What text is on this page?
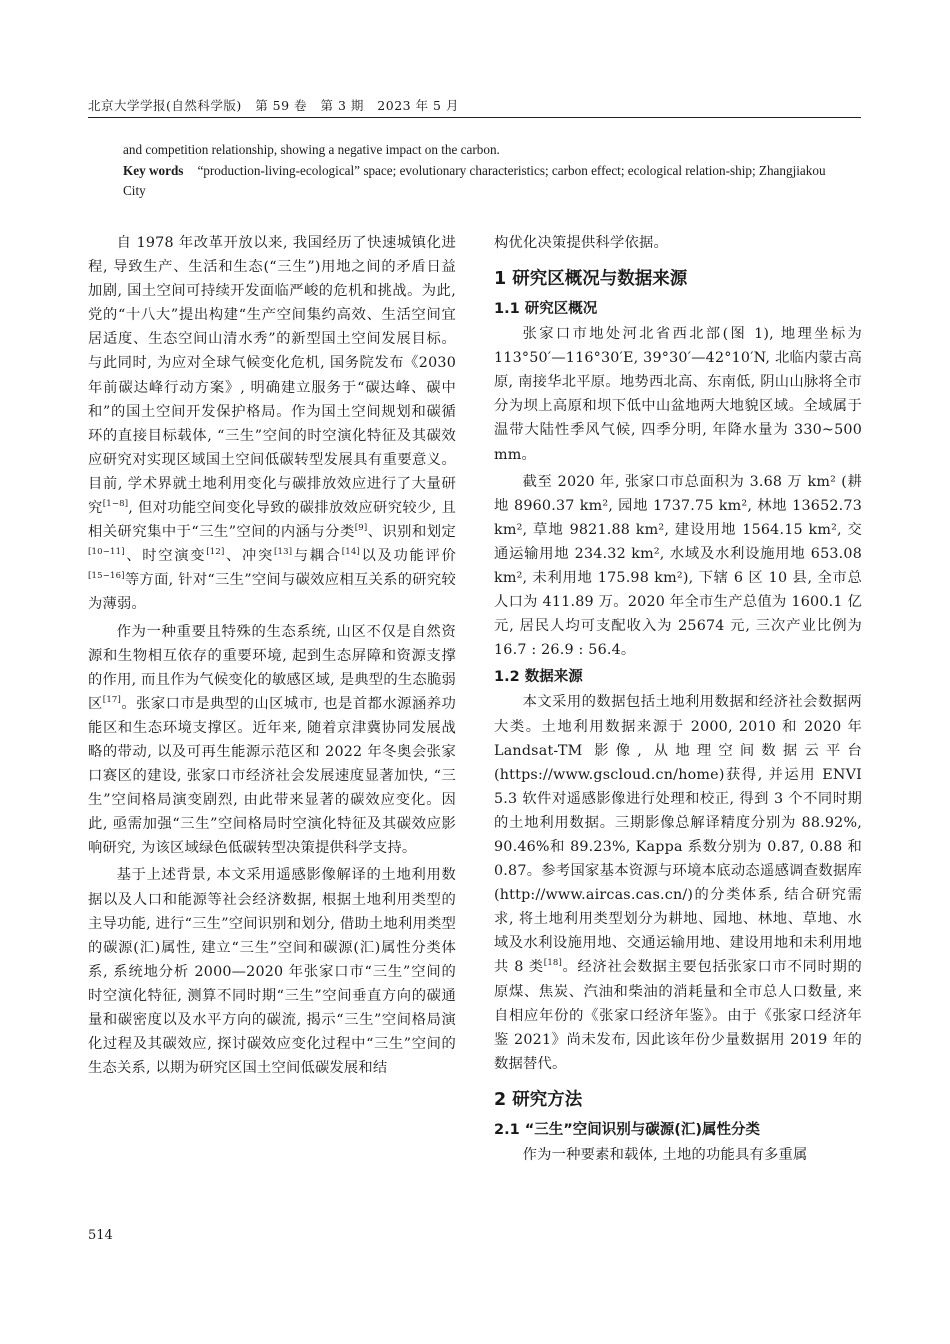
北京大学学报(自然科学版) 第 59 卷 第 3 期 2023 年 5 月

and competition relationship, showing a negative impact on the carbon.

Key words “production-living-ecological” space; evolutionary characteristics; carbon effect; ecological relation-ship; Zhangjiakou City

自 1978 年改革开放以来, 我国经历了快速城镇化进程, 导致生产、生活和生态(“三生”)用地之间的矛盾日益加剧, 国土空间可持续开发面临严峻的危机和挑战。为此, 党的“十八大”提出构建“生产空间集约高效、生活空间宜居适度、生态空间山清水秀”的新型国土空间发展目标。与此同时, 为应对全球气候变化危机, 国务院发布《2030 年前碳达峰行动方案》, 明确建立服务于“碳达峰、碳中和”的国土空间开发保护格局。作为国土空间规划和碳循环的直接目标载体, “三生”空间的时空演化特征及其碳效应研究对实现区域国土空间低碳转型发展具有重要意义。目前, 学术界就土地利用变化与碳排放效应进行了大量研究[1−8], 但对功能空间变化导致的碳排放效应研究较少, 且相关研究集中于“三生”空间的内涵与分类[9]、识别和划定[10−11]、时空演变[12]、冲突[13]与耦合[14]以及功能评价[15−16]等方面, 针对“三生”空间与碳效应相互关系的研究较为薄弱。

作为一种重要且特殊的生态系统, 山区不仅是自然资源和生物相互依存的重要环境, 起到生态屏障和资源支撑的作用, 而且作为气候变化的敏感区域, 是典型的生态脆弱区[17]。张家口市是典型的山区城市, 也是首都水源涵养功能区和生态环境支撑区。近年来, 随着京津冀协同发展战略的带动, 以及可再生能源示范区和 2022 年冬奥会张家口赛区的建设, 张家口市经济社会发展速度显著加快, “三生”空间格局演变剧烈, 由此带来显著的碳效应变化。因此, 亟需加强“三生”空间格局时空演化特征及其碳效应影响研究, 为该区域绿色低碳转型决策提供科学支持。

基于上述背景, 本文采用遥感影像解译的土地利用数据以及人口和能源等社会经济数据, 根据土地利用类型的主导功能, 进行“三生”空间识别和划分, 借助土地利用类型的碳源(汇)属性, 建立“三生”空间和碳源(汇)属性分类体系, 系统地分析 2000—2020 年张家口市“三生”空间的时空演化特征, 测算不同时期“三生”空间垂直方向的碳通量和碳密度以及水平方向的碳流, 揭示“三生”空间格局演化过程及其碳效应, 探讨碳效应变化过程中“三生”空间的生态关系, 以期为研究区国土空间低碳发展和结

构优化决策提供科学依据。

1 研究区概况与数据来源
1.1 研究区概况

张家口市地处河北省西北部(图 1), 地理坐标为 113°50′—116°30′E, 39°30′—42°10′N, 北临内蒙古高原, 南接华北平原。地势西北高、东南低, 阴山山脉将全市分为坝上高原和坝下低中山盆地两大地貌区域。全域属于温带大陆性季风气候, 四季分明, 年降水量为 330~500 mm。

截至 2020 年, 张家口市总面积为 3.68 万 km² (耕地 8960.37 km², 园地 1737.75 km², 林地 13652.73 km², 草地 9821.88 km², 建设用地 1564.15 km², 交通运输用地 234.32 km², 水域及水利设施用地 653.08 km², 未利用地 175.98 km²), 下辖 6 区 10 县, 全市总人口为 411.89 万。2020 年全市生产总值为 1600.1 亿元, 居民人均可支配收入为 25674 元, 三次产业比例为 16.7 : 26.9 : 56.4。

1.2 数据来源

本文采用的数据包括土地利用数据和经济社会数据两大类。土地利用数据来源于 2000, 2010 和 2020 年 Landsat-TM 影像, 从地理空间数据云平台(https://www.gscloud.cn/home)获得, 并运用 ENVI 5.3 软件对遥感影像进行处理和校正, 得到 3 个不同时期的土地利用数据。三期影像总解译精度分别为 88.92%, 90.46%和 89.23%, Kappa 系数分别为 0.87, 0.88 和 0.87。参考国家基本资源与环境本底动态遥感调查数据库(http://www.aircas.cas.cn/)的分类体系, 结合研究需求, 将土地利用类型划分为耕地、园地、林地、草地、水域及水利设施用地、交通运输用地、建设用地和未利用地共 8 类[18]。经济社会数据主要包括张家口市不同时期的原煤、焦炭、汽油和柴油的消耗量和全市总人口数量, 来自相应年份的《张家口经济年鉴》。由于《张家口经济年鉴 2021》尚未发布, 因此该年份少量数据用 2019 年的数据替代。

2 研究方法
2.1 “三生”空间识别与碳源(汇)属性分类

作为一种要素和载体, 土地的功能具有多重属

514
